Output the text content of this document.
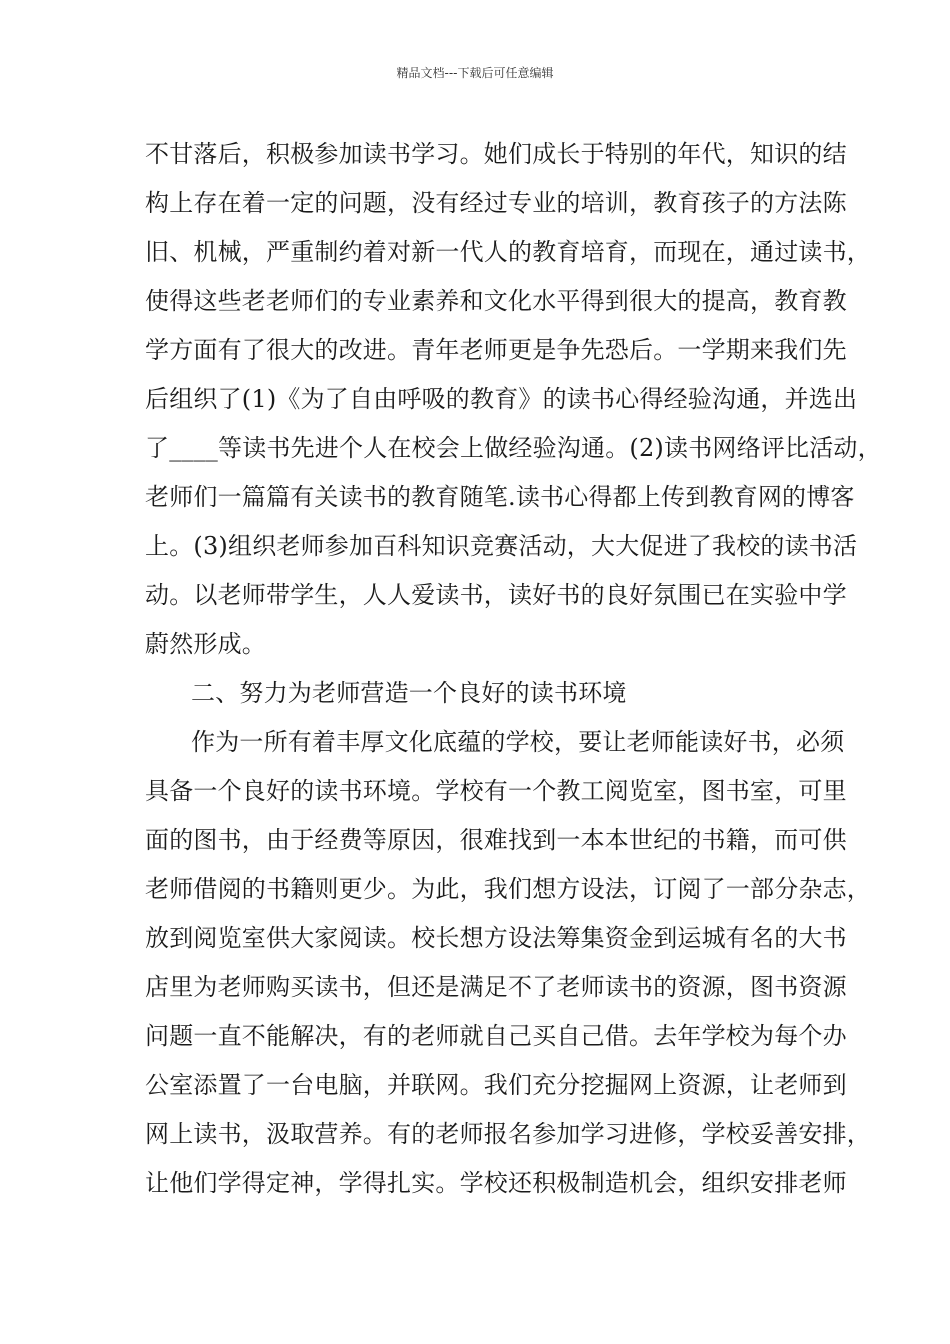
精品文档---下载后可任意编辑
不甘落后，积极参加读书学习。她们成长于特别的年代，知识的结
构上存在着一定的问题，没有经过专业的培训，教育孩子的方法陈
旧、机械，严重制约着对新一代人的教育培育，而现在，通过读书，
使得这些老老师们的专业素养和文化水平得到很大的提高，教育教
学方面有了很大的改进。青年老师更是争先恐后。一学期来我们先
后组织了(1)《为了自由呼吸的教育》的读书心得经验沟通，并选出
了____等读书先进个人在校会上做经验沟通。(2)读书网络评比活动，
老师们一篇篇有关读书的教育随笔.读书心得都上传到教育网的博客
上。(3)组织老师参加百科知识竞赛活动，大大促进了我校的读书活
动。以老师带学生，人人爱读书，读好书的良好氛围已在实验中学
蔚然形成。
二、努力为老师营造一个良好的读书环境
作为一所有着丰厚文化底蕴的学校，要让老师能读好书，必须
具备一个良好的读书环境。学校有一个教工阅览室，图书室，可里
面的图书，由于经费等原因，很难找到一本本世纪的书籍，而可供
老师借阅的书籍则更少。为此，我们想方设法，订阅了一部分杂志，
放到阅览室供大家阅读。校长想方设法筹集资金到运城有名的大书
店里为老师购买读书，但还是满足不了老师读书的资源，图书资源
问题一直不能解决，有的老师就自己买自己借。去年学校为每个办
公室添置了一台电脑，并联网。我们充分挖掘网上资源，让老师到
网上读书，汲取营养。有的老师报名参加学习进修，学校妥善安排，
让他们学得定神，学得扎实。学校还积极制造机会，组织安排老师
